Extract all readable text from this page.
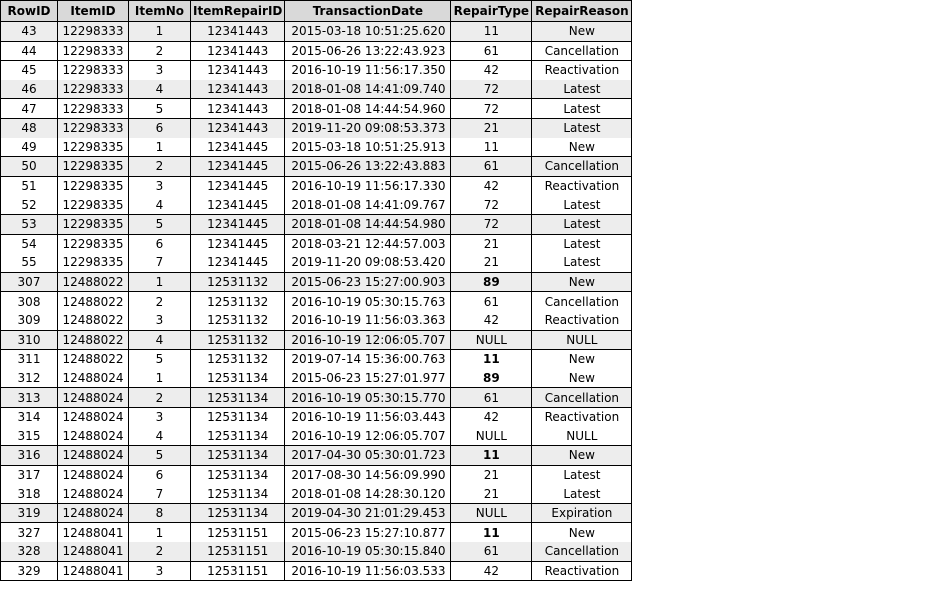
RowID	ItemID	ItemNo	ItemRepairID	TransactionDate	RepairType	RepairReason
43	12298333	1	12341443	2015-03-18 10:51:25.620	11	New
44	12298333	2	12341443	2015-06-26 13:22:43.923	61	Cancellation
45	12298333	3	12341443	2016-10-19 11:56:17.350	42	Reactivation
46	12298333	4	12341443	2018-01-08 14:41:09.740	72	Latest
47	12298333	5	12341443	2018-01-08 14:44:54.960	72	Latest
48	12298333	6	12341443	2019-11-20 09:08:53.373	21	Latest
49	12298335	1	12341445	2015-03-18 10:51:25.913	11	New
50	12298335	2	12341445	2015-06-26 13:22:43.883	61	Cancellation
51	12298335	3	12341445	2016-10-19 11:56:17.330	42	Reactivation
52	12298335	4	12341445	2018-01-08 14:41:09.767	72	Latest
53	12298335	5	12341445	2018-01-08 14:44:54.980	72	Latest
54	12298335	6	12341445	2018-03-21 12:44:57.003	21	Latest
55	12298335	7	12341445	2019-11-20 09:08:53.420	21	Latest
307	12488022	1	12531132	2015-06-23 15:27:00.903	89	New
308	12488022	2	12531132	2016-10-19 05:30:15.763	61	Cancellation
309	12488022	3	12531132	2016-10-19 11:56:03.363	42	Reactivation
310	12488022	4	12531132	2016-10-19 12:06:05.707	NULL	NULL
311	12488022	5	12531132	2019-07-14 15:36:00.763	11	New
312	12488024	1	12531134	2015-06-23 15:27:01.977	89	New
313	12488024	2	12531134	2016-10-19 05:30:15.770	61	Cancellation
314	12488024	3	12531134	2016-10-19 11:56:03.443	42	Reactivation
315	12488024	4	12531134	2016-10-19 12:06:05.707	NULL	NULL
316	12488024	5	12531134	2017-04-30 05:30:01.723	11	New
317	12488024	6	12531134	2017-08-30 14:56:09.990	21	Latest
318	12488024	7	12531134	2018-01-08 14:28:30.120	21	Latest
319	12488024	8	12531134	2019-04-30 21:01:29.453	NULL	Expiration
327	12488041	1	12531151	2015-06-23 15:27:10.877	11	New
328	12488041	2	12531151	2016-10-19 05:30:15.840	61	Cancellation
329	12488041	3	12531151	2016-10-19 11:56:03.533	42	Reactivation
